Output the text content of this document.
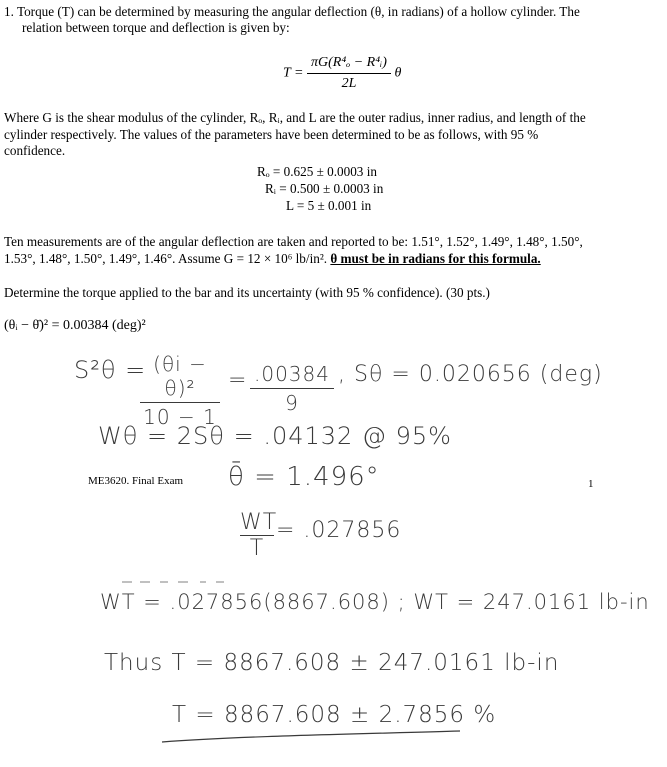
1. Torque (T) can be determined by measuring the angular deflection (θ, in radians) of a hollow cylinder. The
relation between torque and deflection is given by:
$T = \frac{\text{πG(R⁴ₒ − R⁴ᵢ)}}{2L}$ θ
Where G is the shear modulus of the cylinder, Rₒ, Rᵢ, and L are the outer radius, inner radius, and length of the
cylinder respectively. The values of the parameters have been determined to be as follows, with 95 %
confidence.
Rₒ = 0.625 ± 0.0003 in
Rᵢ = 0.500 ± 0.0003 in
L = 5 ± 0.001 in
Ten measurements are of the angular deflection are taken and reported to be: 1.51°, 1.52°, 1.49°, 1.48°, 1.50°,
1.53°, 1.48°, 1.50°, 1.49°, 1.46°. Assume G = 12 × 10⁶ lb/in². θ must be in radians for this formula.
Determine the torque applied to the bar and its uncertainty (with 95 % confidence). (30 pts.)
(θᵢ − θ̄)² = 0.00384 (deg)²
S²θ =
$\frac{\text{(θi − θ)²}}{10 - 1} = \frac{.00384}{9}$ , Sθ = 0.020656 (deg)
Wθ = 2Sθ = .04132 @ 95%
ME3620. Final Exam	1
θ̄ = 1.496°
$\frac{WT}{T} = .027856$
WT = .027856(8867.608) ; WT = 247.0161 lb-in
Thus T = 8867.608 ± 247.0161 lb-in
T = 8867.608 ± 2.7856 %
